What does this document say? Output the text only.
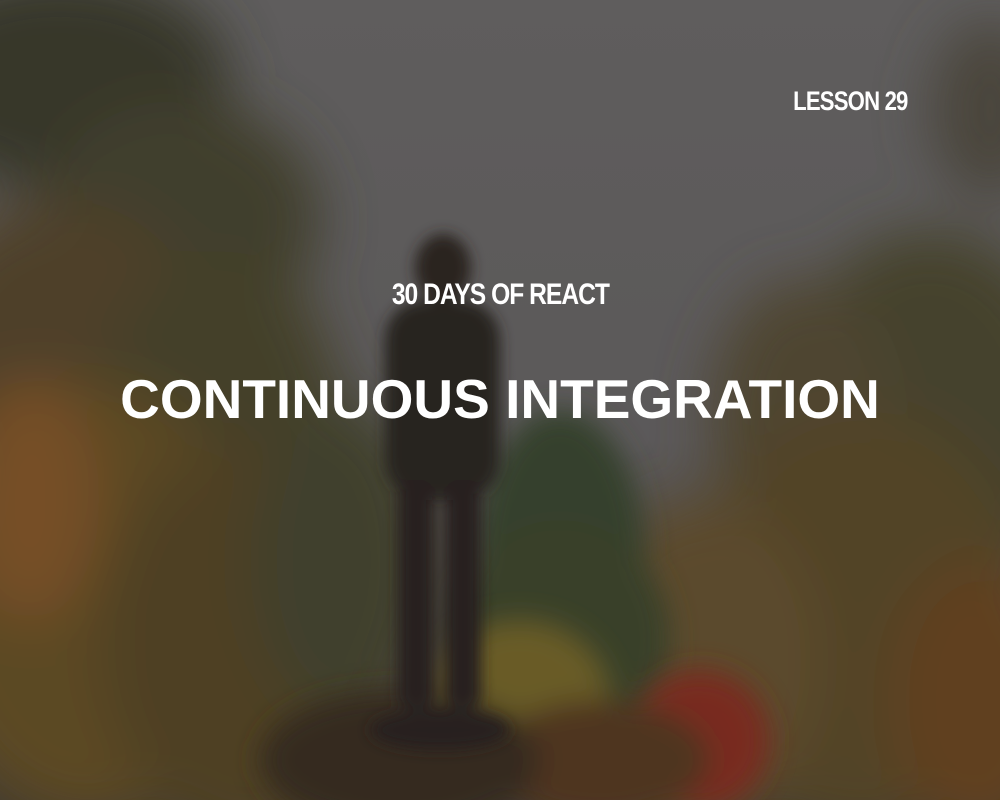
LESSON 29
30 DAYS OF REACT
CONTINUOUS INTEGRATION
